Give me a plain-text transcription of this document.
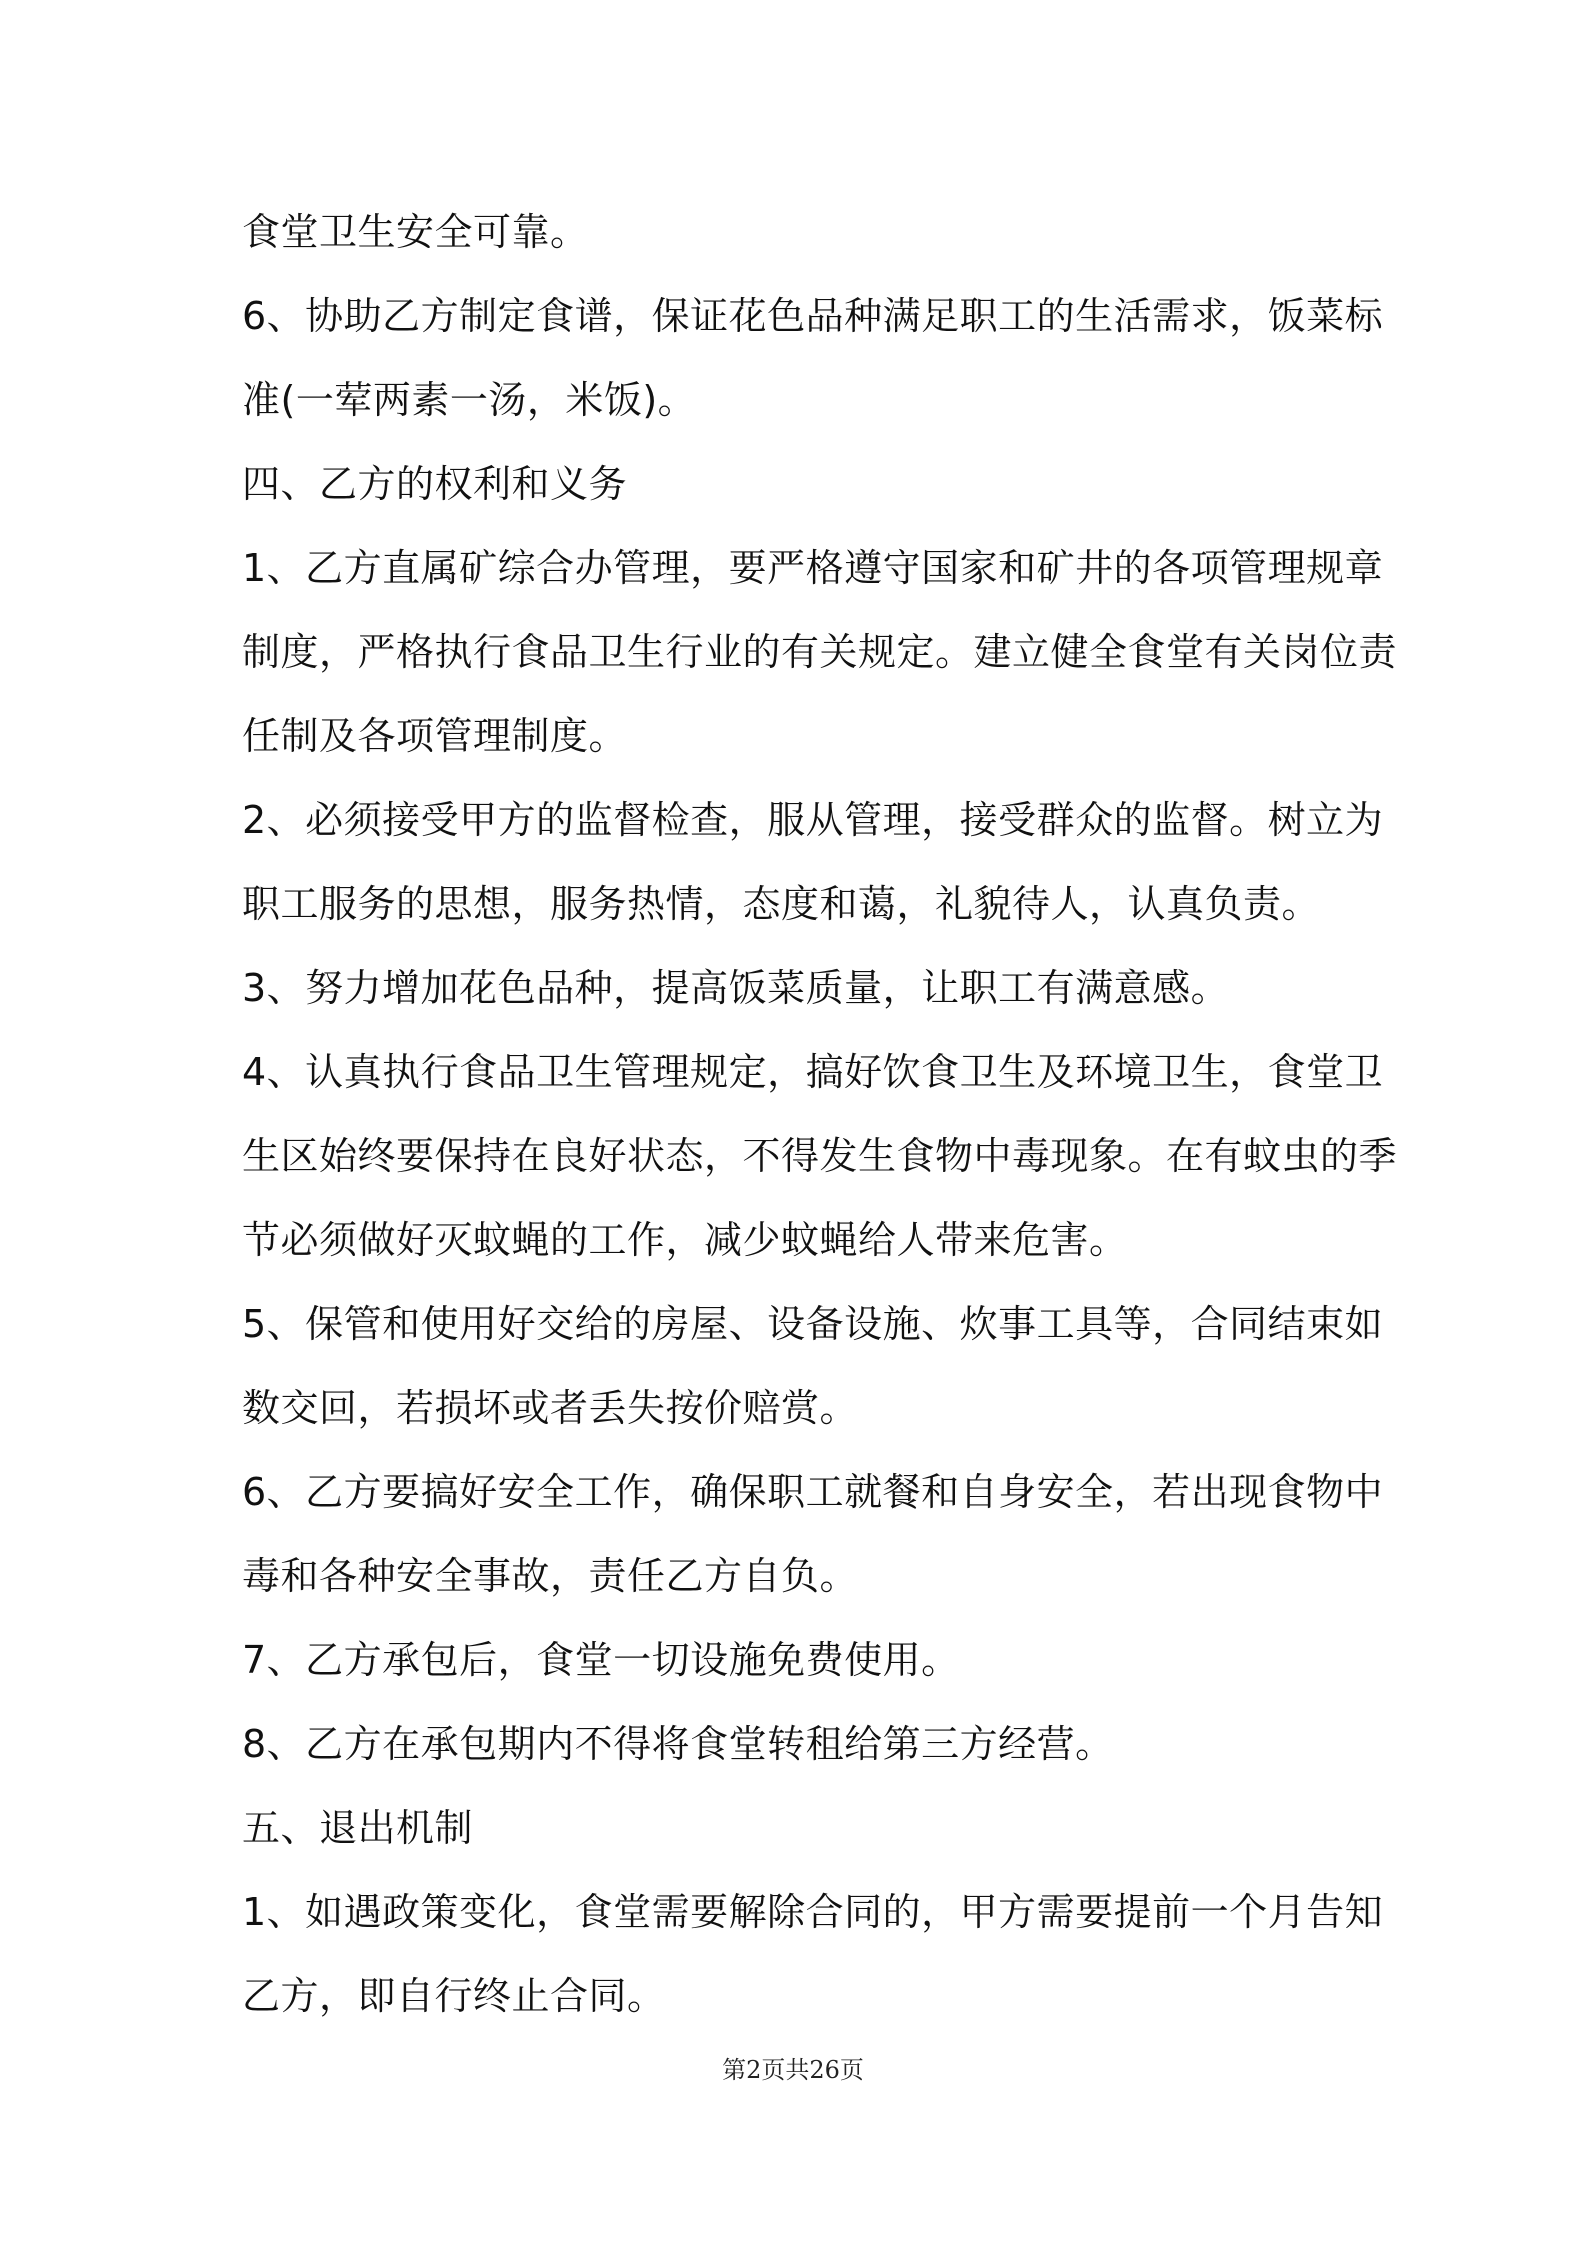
食堂卫生安全可靠。
6、协助乙方制定食谱，保证花色品种满足职工的生活需求，饭菜标
准(一荤两素一汤，米饭)。
四、乙方的权利和义务
1、乙方直属矿综合办管理，要严格遵守国家和矿井的各项管理规章
制度，严格执行食品卫生行业的有关规定。建立健全食堂有关岗位责
任制及各项管理制度。
2、必须接受甲方的监督检查，服从管理，接受群众的监督。树立为
职工服务的思想，服务热情，态度和蔼，礼貌待人，认真负责。
3、努力增加花色品种，提高饭菜质量，让职工有满意感。
4、认真执行食品卫生管理规定，搞好饮食卫生及环境卫生，食堂卫
生区始终要保持在良好状态，不得发生食物中毒现象。在有蚊虫的季
节必须做好灭蚊蝇的工作，减少蚊蝇给人带来危害。
5、保管和使用好交给的房屋、设备设施、炊事工具等，合同结束如
数交回，若损坏或者丢失按价赔赏。
6、乙方要搞好安全工作，确保职工就餐和自身安全，若出现食物中
毒和各种安全事故，责任乙方自负。
7、乙方承包后，食堂一切设施免费使用。
8、乙方在承包期内不得将食堂转租给第三方经营。
五、退出机制
1、如遇政策变化，食堂需要解除合同的，甲方需要提前一个月告知
乙方，即自行终止合同。
第2页共26页
